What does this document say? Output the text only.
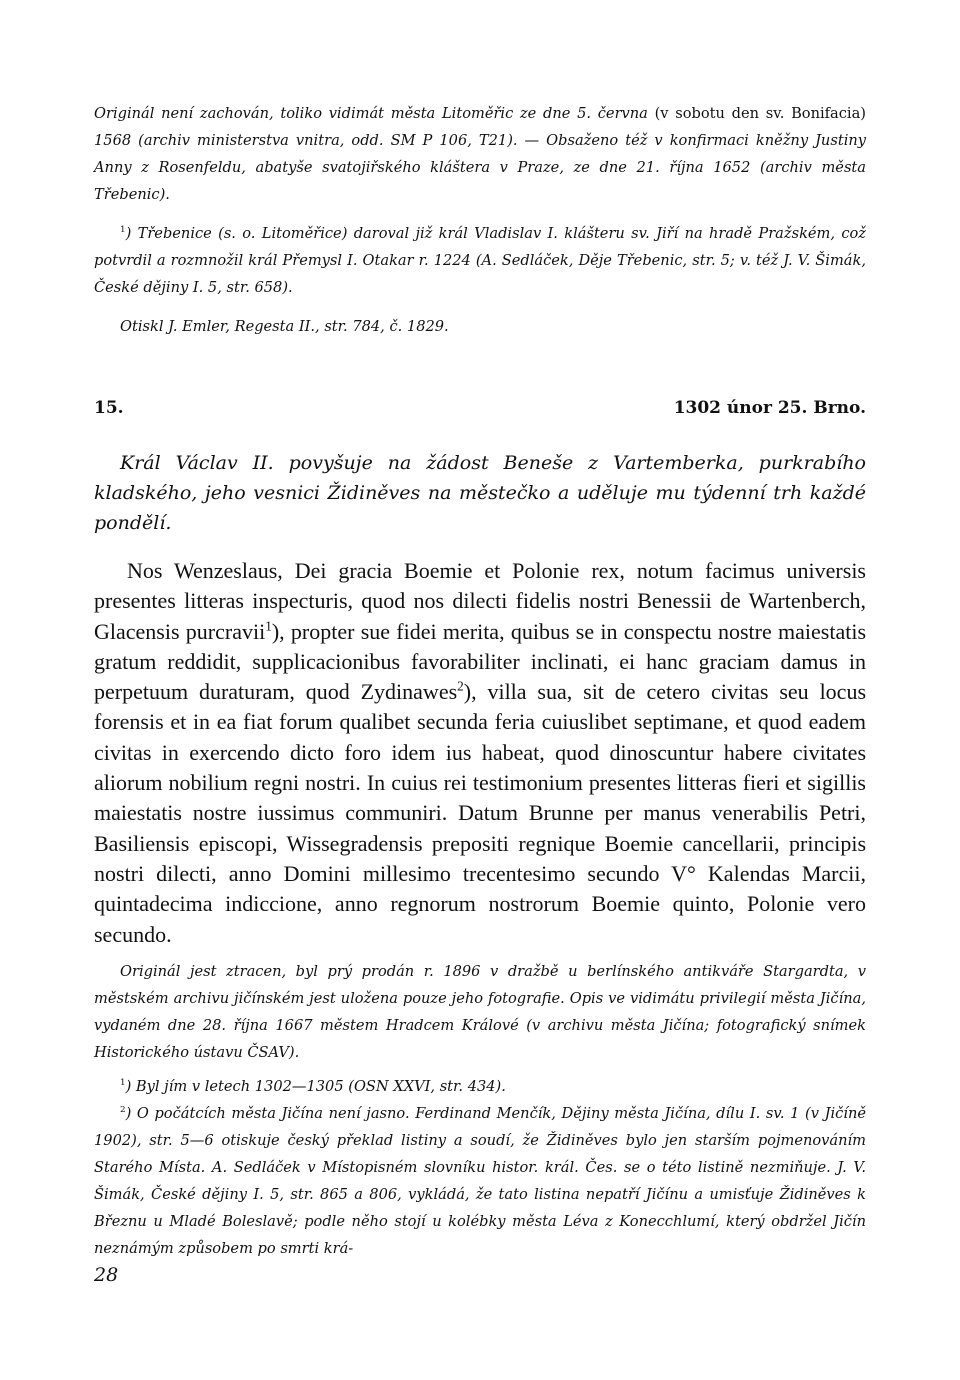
Originál není zachován, toliko vidimát města Litoměřic ze dne 5. června (v sobotu den sv. Bonifacia) 1568 (archiv ministerstva vnitra, odd. SM P 106, T21). — Obsaženo též v konfirmaci kněžny Justiny Anny z Rosenfeldu, abatyše svatojiřského kláštera v Praze, ze dne 21. října 1652 (archiv města Třebenic).
$^1$) Třebenice (s. o. Litoměřice) daroval již král Vladislav I. klášteru sv. Jiří na hradě Pražském, což potvrdil a rozmnožil král Přemysl I. Otakar r. 1224 (A. Sedláček, Děje Třebenic, str. 5; v. též J. V. Šimák, České dějiny I. 5, str. 658).
Otiskl J. Emler, Regesta II., str. 784, č. 1829.
15.	1302 únor 25. Brno.
Král Václav II. povyšuje na žádost Beneše z Vartemberka, purkrabího kladského, jeho vesnici Židiněves na městečko a uděluje mu týdenní trh každé pondělí.
Nos Wenzeslaus, Dei gracia Boemie et Polonie rex, notum facimus universis presentes litteras inspecturis, quod nos dilecti fidelis nostri Benessii de Wartenberch, Glacensis purcravii$^1$), propter sue fidei merita, quibus se in conspectu nostre maiestatis gratum reddidit, supplicacionibus favorabiliter inclinati, ei hanc graciam damus in perpetuum duraturam, quod Zydinawes$^2$), villa sua, sit de cetero civitas seu locus forensis et in ea fiat forum qualibet secunda feria cuiuslibet septimane, et quod eadem civitas in exercendo dicto foro idem ius habeat, quod dinoscuntur habere civitates aliorum nobilium regni nostri. In cuius rei testimonium presentes litteras fieri et sigillis maiestatis nostre iussimus communiri. Datum Brunne per manus venerabilis Petri, Basiliensis episcopi, Wissegradensis prepositi regnique Boemie cancellarii, principis nostri dilecti, anno Domini millesimo trecentesimo secundo V° Kalendas Marcii, quintadecima indiccione, anno regnorum nostrorum Boemie quinto, Polonie vero secundo.
Originál jest ztracen, byl prý prodán r. 1896 v dražbě u berlínského antikváře Stargardta, v městském archivu jičínském jest uložena pouze jeho fotografie. Opis ve vidimátu privilegií města Jičína, vydaném dne 28. října 1667 městem Hradcem Králové (v archivu města Jičína; fotografický snímek Historického ústavu ČSAV).
$^1$) Byl jím v letech 1302—1305 (OSN XXVI, str. 434).
$^2$) O počátcích města Jičína není jasno. Ferdinand Menčík, Dějiny města Jičína, dílu I. sv. 1 (v Jičíně 1902), str. 5—6 otiskuje český překlad listiny a soudí, že Židiněves bylo jen starším pojmenováním Starého Místa. A. Sedláček v Místopisném slovníku histor. král. Čes. se o této listině nezmiňuje. J. V. Šimák, České dějiny I. 5, str. 865 a 806, vykládá, že tato listina nepatří Jičínu a umisťuje Židiněves k Březnu u Mladé Boleslavě; podle něho stojí u kolébky města Léva z Konecchlumí, který obdržel Jičín neznámým způsobem po smrti krá-
28
